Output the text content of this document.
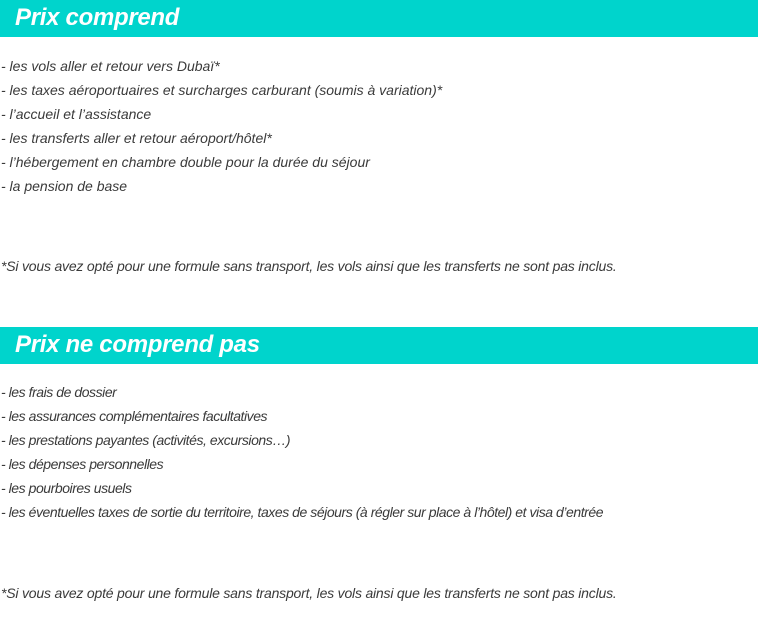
Prix comprend
- les vols aller et retour vers Dubaï*
- les taxes aéroportuaires et surcharges carburant (soumis à variation)*
- l’accueil et l’assistance
- les transferts aller et retour aéroport/hôtel*
- l’hébergement en chambre double pour la durée du séjour
- la pension de base
*Si vous avez opté pour une formule sans transport, les vols ainsi que les transferts ne sont pas inclus.
Prix ne comprend pas
- les frais de dossier
- les assurances complémentaires facultatives
- les prestations payantes (activités, excursions…)
- les dépenses personnelles
- les pourboires usuels
- les éventuelles taxes de sortie du territoire, taxes de séjours (à régler sur place à l’hôtel) et visa d’entrée
*Si vous avez opté pour une formule sans transport, les vols ainsi que les transferts ne sont pas inclus.
